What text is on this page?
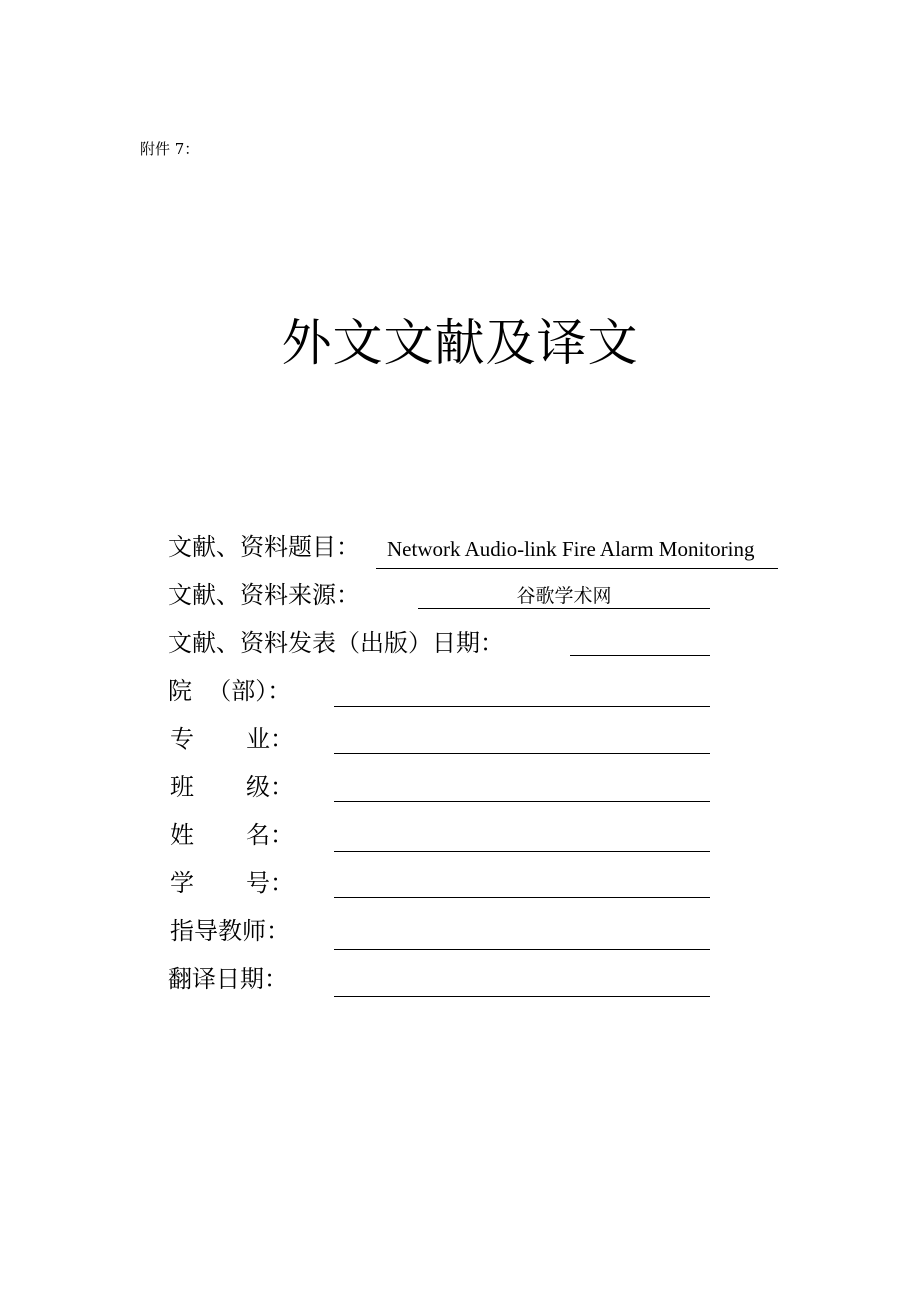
附件 7：
外文文献及译文
文献、资料题目： Network Audio-link Fire Alarm Monitoring
文献、资料来源：	谷歌学术网
文献、资料发表（出版）日期：
院  （部）：
专 业：
班 级：
姓 名：
学 号：
指导教师：
翻译日期：
